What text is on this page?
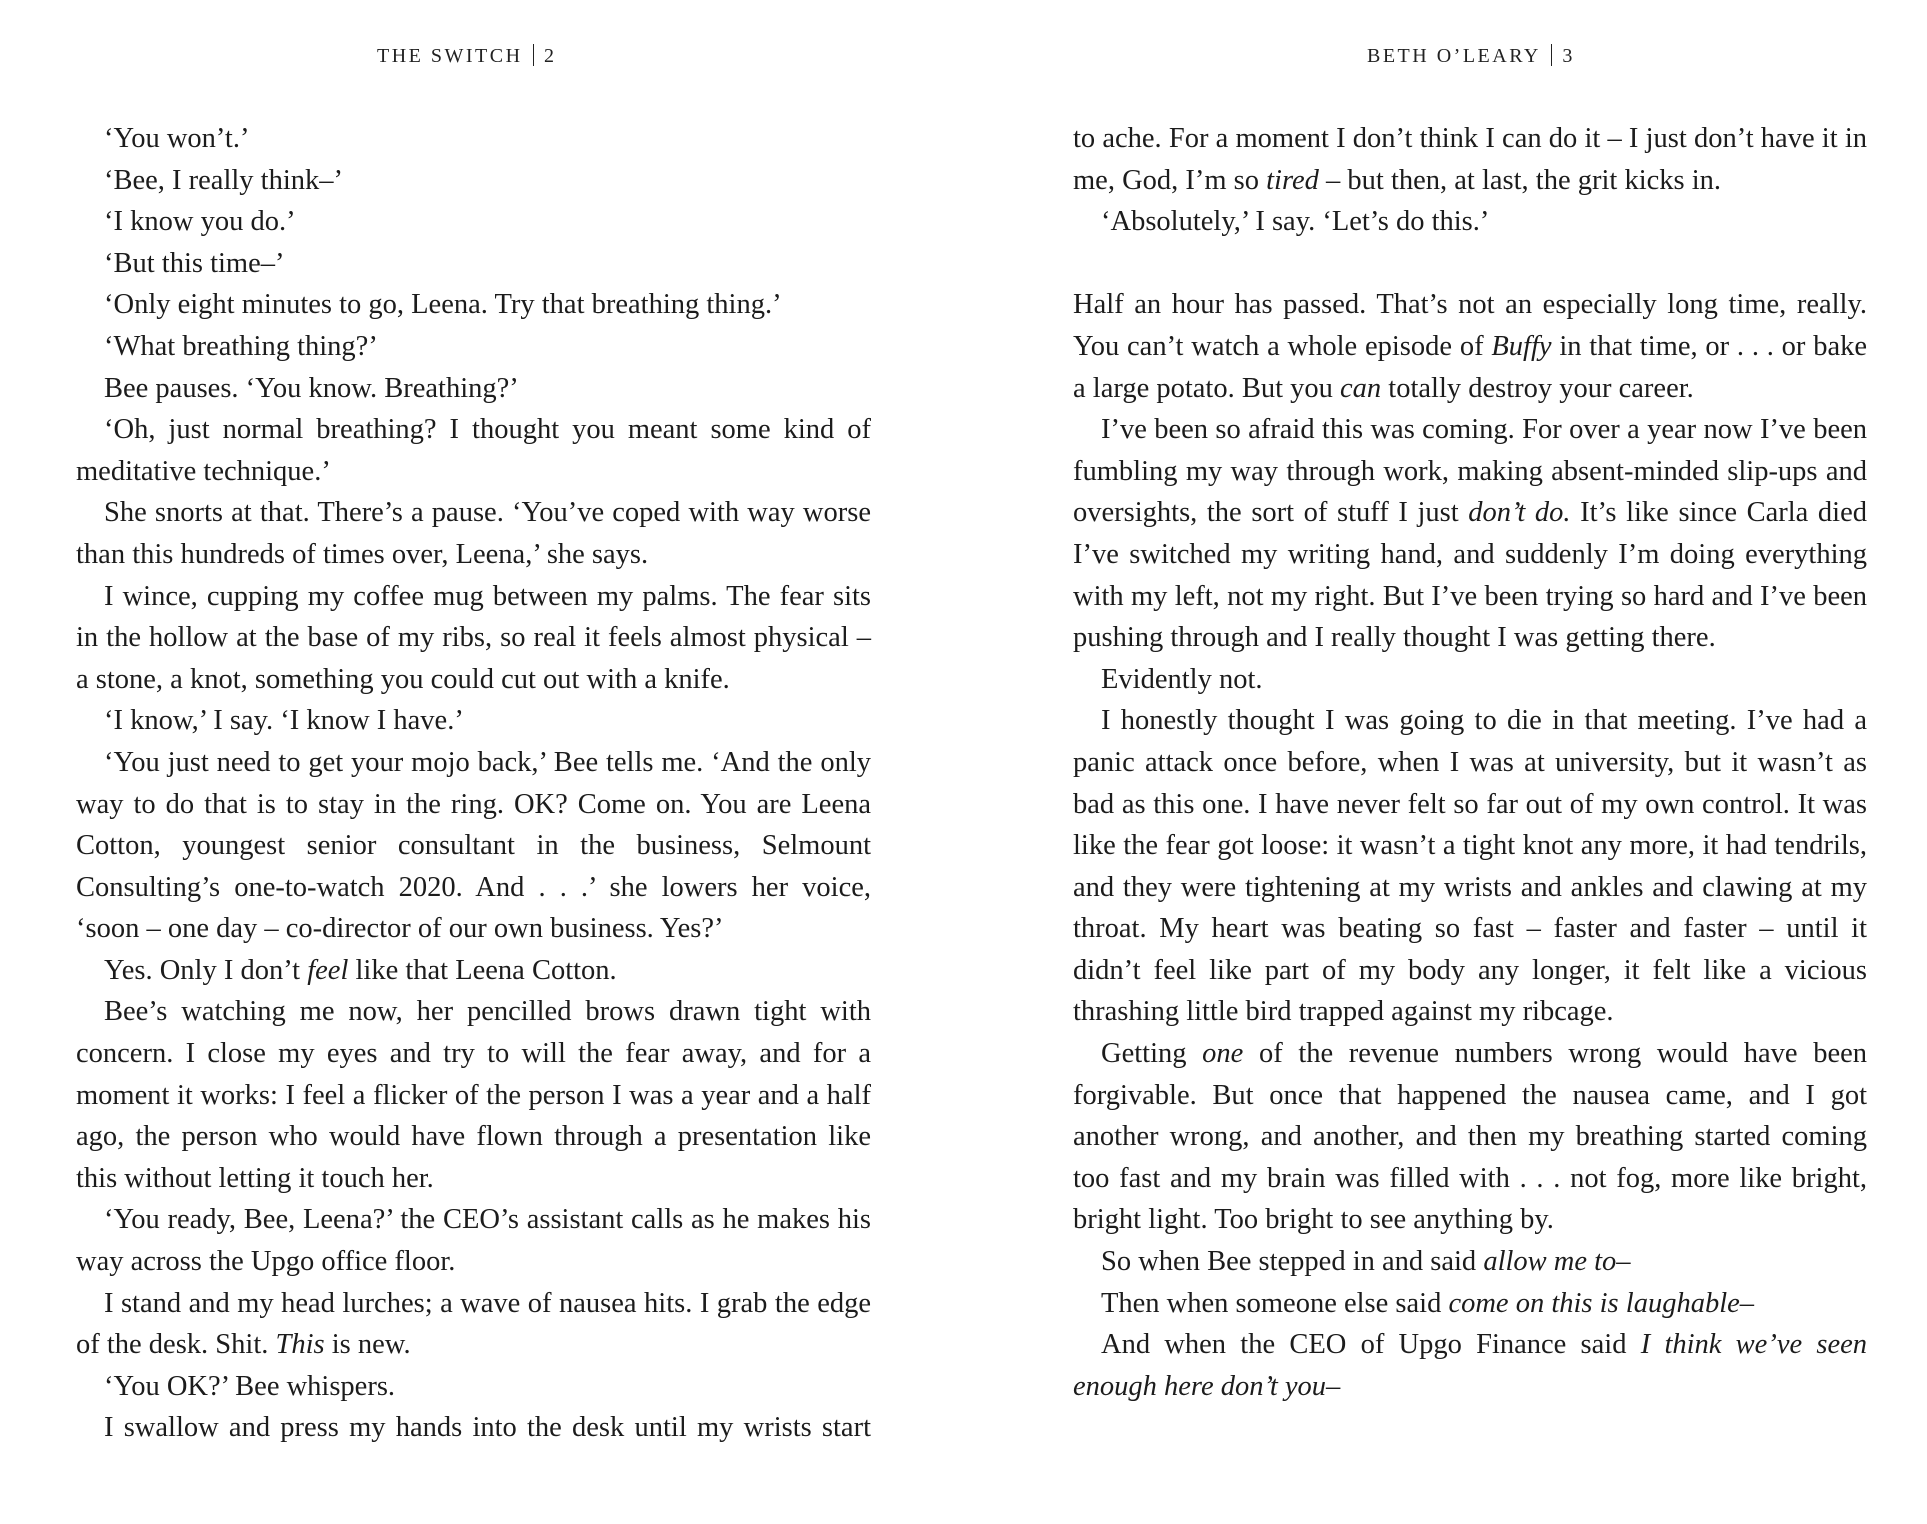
THE SWITCH 2

‘You won’t.’

‘Bee, I really think–’

‘I know you do.’

‘But this time–’

‘Only eight minutes to go, Leena. Try that breathing thing.’

‘What breathing thing?’

Bee pauses. ‘You know. Breathing?’

‘Oh, just normal breathing? I thought you meant some kind of meditative technique.’

She snorts at that. There’s a pause. ‘You’ve coped with way worse than this hundreds of times over, Leena,’ she says.

I wince, cupping my coffee mug between my palms. The fear sits in the hollow at the base of my ribs, so real it feels almost physical – a stone, a knot, something you could cut out with a knife.

‘I know,’ I say. ‘I know I have.’

‘You just need to get your mojo back,’ Bee tells me. ‘And the only way to do that is to stay in the ring. OK? Come on. You are Leena Cotton, youngest senior consultant in the business, Selmount Consulting’s one-to-watch 2020. And . . .’ she lowers her voice, ‘soon – one day – co-director of our own business. Yes?’

Yes. Only I don’t feel like that Leena Cotton.

Bee’s watching me now, her pencilled brows drawn tight with concern. I close my eyes and try to will the fear away, and for a moment it works: I feel a flicker of the person I was a year and a half ago, the person who would have flown through a presentation like this without letting it touch her.

‘You ready, Bee, Leena?’ the CEO’s assistant calls as he makes his way across the Upgo office floor.

I stand and my head lurches; a wave of nausea hits. I grab the edge of the desk. Shit. This is new.

‘You OK?’ Bee whispers.

I swallow and press my hands into the desk until my wrists start

BETH O’LEARY 3

to ache. For a moment I don’t think I can do it – I just don’t have it in me, God, I’m so tired – but then, at last, the grit kicks in.

‘Absolutely,’ I say. ‘Let’s do this.’

Half an hour has passed. That’s not an especially long time, really. You can’t watch a whole episode of Buffy in that time, or . . . or bake a large potato. But you can totally destroy your career.

I’ve been so afraid this was coming. For over a year now I’ve been fumbling my way through work, making absent-minded slip-ups and oversights, the sort of stuff I just don’t do. It’s like since Carla died I’ve switched my writing hand, and suddenly I’m doing everything with my left, not my right. But I’ve been trying so hard and I’ve been pushing through and I really thought I was getting there.

Evidently not.

I honestly thought I was going to die in that meeting. I’ve had a panic attack once before, when I was at university, but it wasn’t as bad as this one. I have never felt so far out of my own control. It was like the fear got loose: it wasn’t a tight knot any more, it had tendrils, and they were tightening at my wrists and ankles and clawing at my throat. My heart was beating so fast – faster and faster – until it didn’t feel like part of my body any longer, it felt like a vicious thrashing little bird trapped against my ribcage.

Getting one of the revenue numbers wrong would have been forgivable. But once that happened the nausea came, and I got another wrong, and another, and then my breathing started coming too fast and my brain was filled with . . . not fog, more like bright, bright light. Too bright to see anything by.

So when Bee stepped in and said allow me to–

Then when someone else said come on this is laughable–

And when the CEO of Upgo Finance said I think we’ve seen enough here don’t you–
